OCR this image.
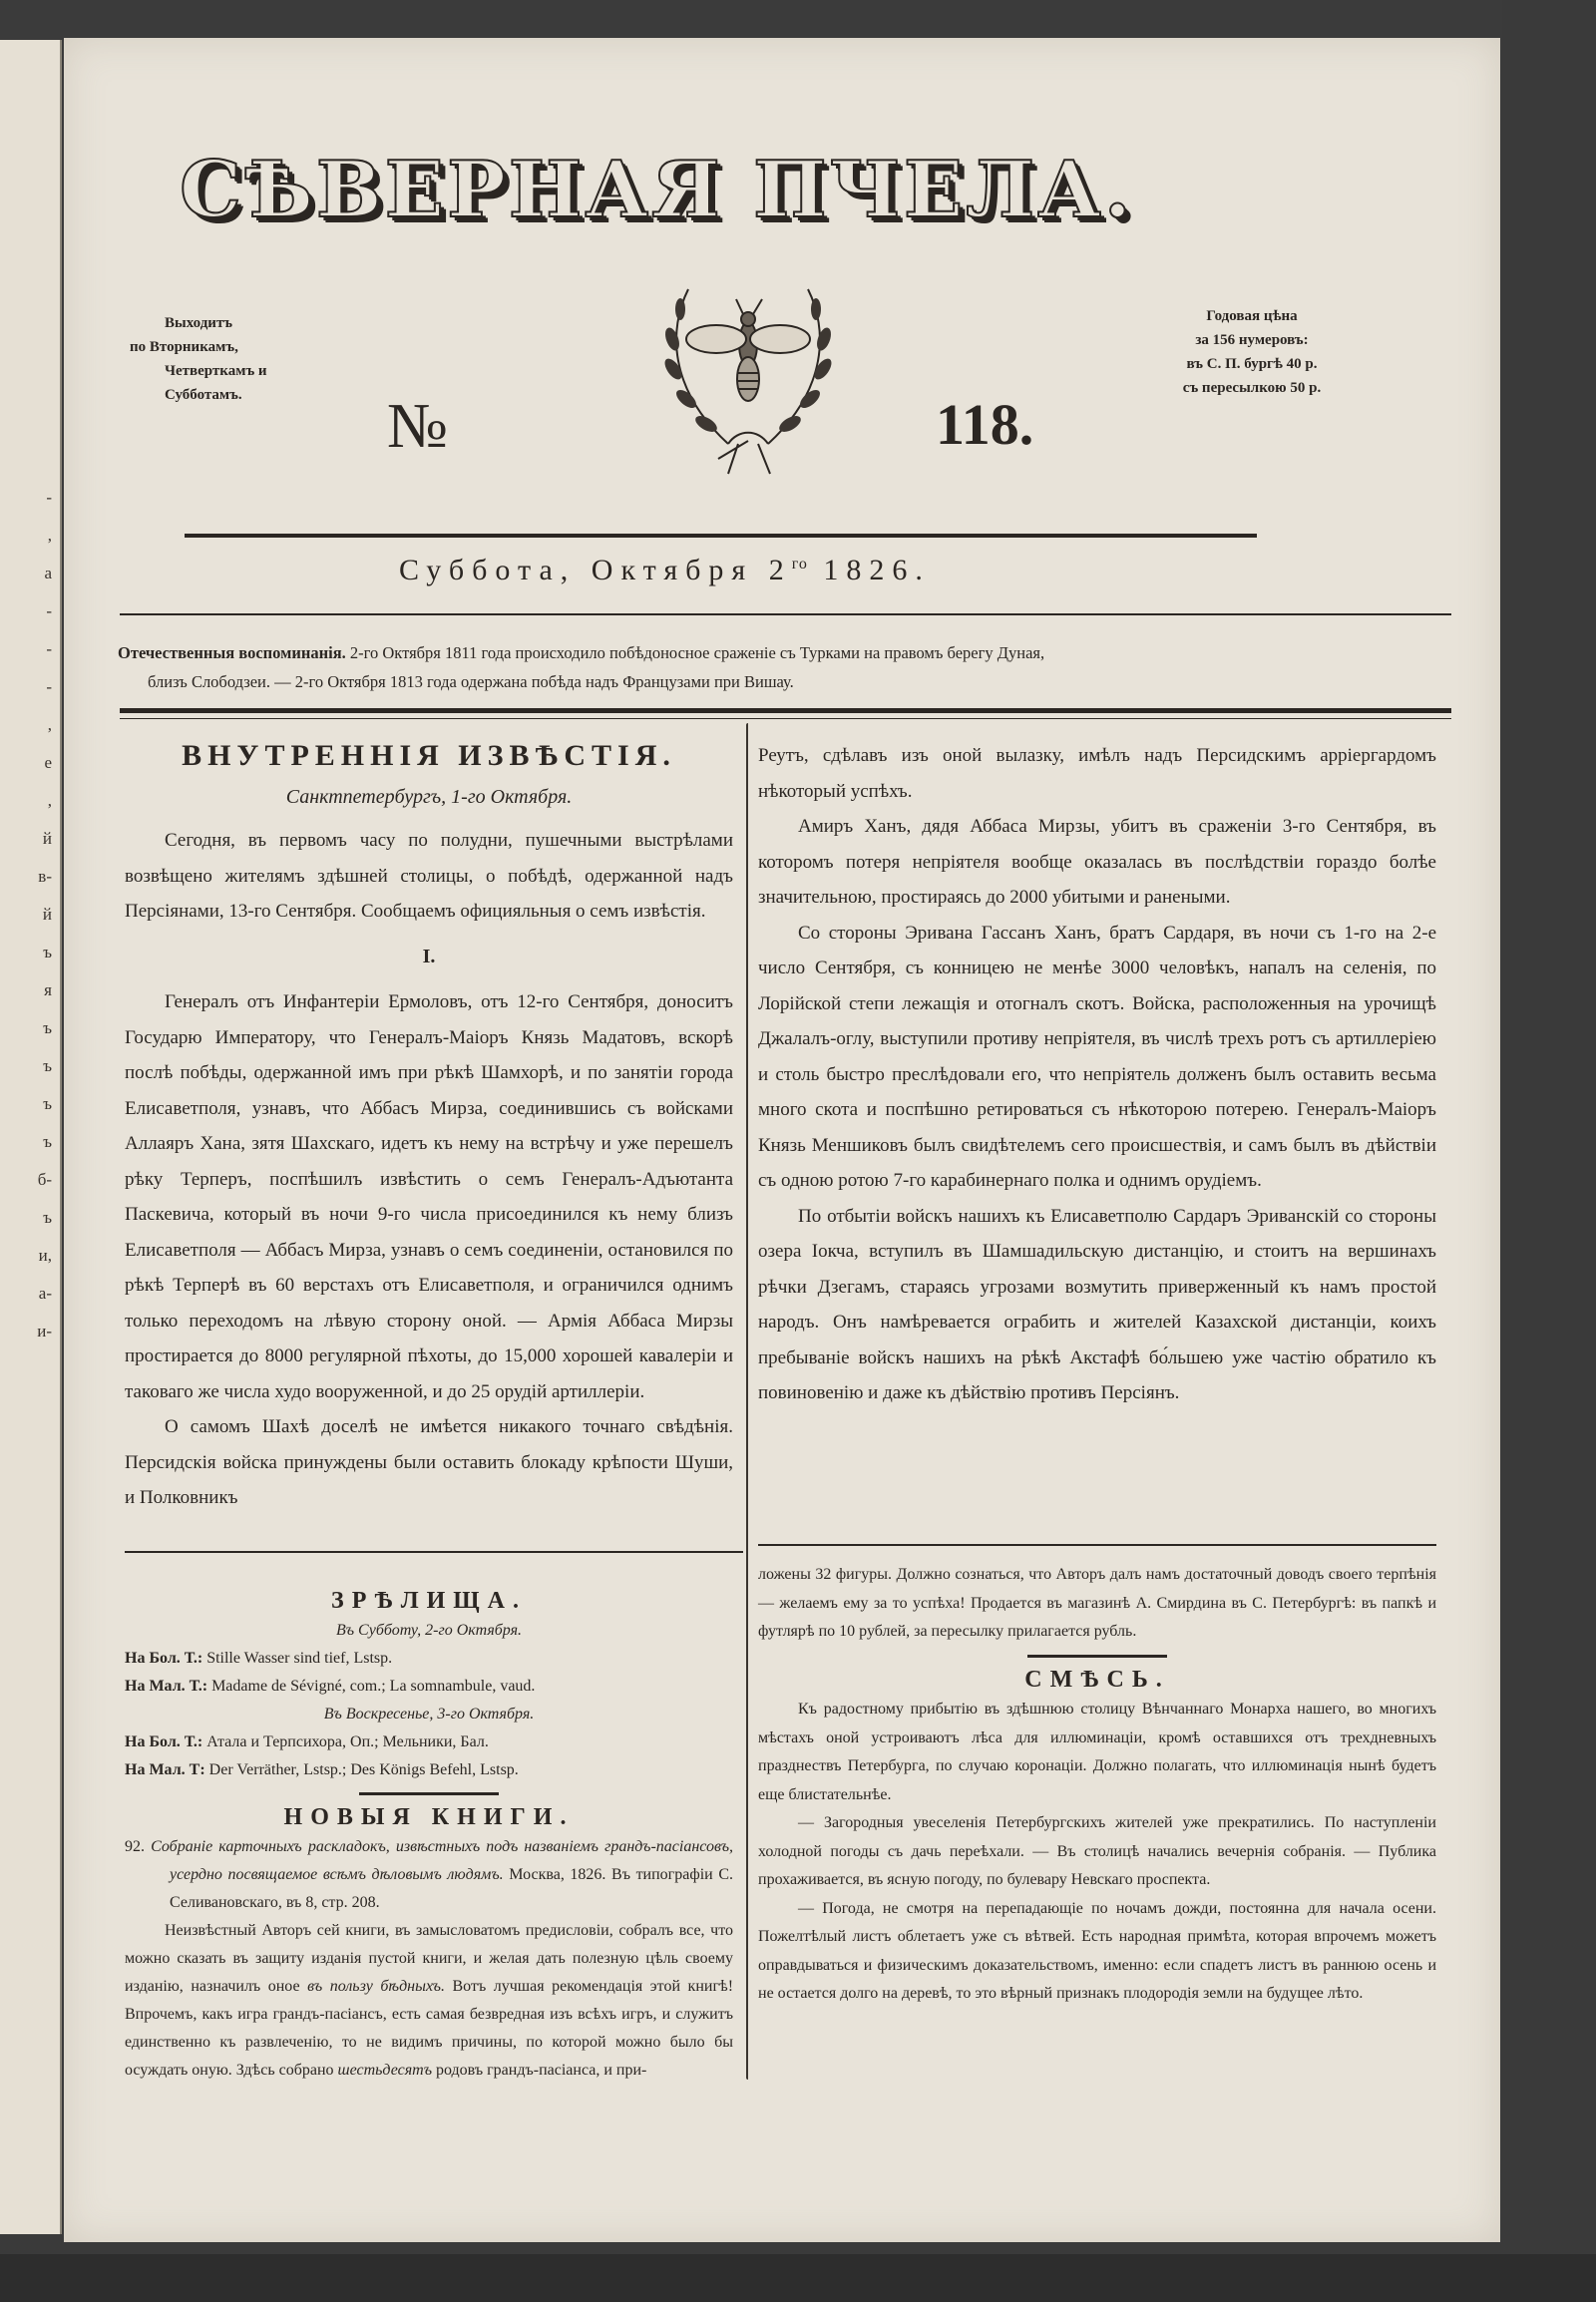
-
,
а
-
-
-
,
е
,
й
в-
й
ъ
я
ъ
ъ
ъ
ъ
б-
ъ
и,
а-
и-
СѢВЕРНАЯ ПЧЕЛА.
Выходитъ
по Вторникамъ,
Четверткамъ и
Субботамъ.	№	118.
Годовая цѣна
за 156 нумеровъ:
въ С. П. бургѣ 40 р.
съ пересылкою 50 р.
Суббота, Октября $2^{го}$ 1826.
Отечественныя воспоминанія. 2-го Октября 1811 года происходило побѣдоносное сраженіе съ Турками на правомъ берегу Дуная,
близъ Слободзеи. — 2-го Октября 1813 года одержана побѣда надъ Французами при Вишау.
ВНУТРЕННІЯ ИЗВѢСТІЯ.
Санктпетербургъ, 1-го Октября.

Сегодня, въ первомъ часу по полудни, пушечными выстрѣлами возвѣщено жителямъ здѣшней столицы, о побѣдѣ, одержанной надъ Персіянами, 13-го Сентября. Сообщаемъ официяльныя о семъ извѣстія.

I.

Генералъ отъ Инфантеріи Ермоловъ, отъ 12-го Сентября, доноситъ Государю Императору, что Генералъ-Маіоръ Князь Мадатовъ, вскорѣ послѣ побѣды, одержанной имъ при рѣкѣ Шамхорѣ, и по занятіи города Елисаветполя, узнавъ, что Аббасъ Мирза, соединившись съ войсками Аллаяръ Хана, зятя Шахскаго, идетъ къ нему на встрѣчу и уже перешелъ рѣку Терперъ, поспѣшилъ извѣстить о семъ Генералъ-Адъютанта Паскевича, который въ ночи 9-го числа присоединился къ нему близъ Елисаветполя — Аббасъ Мирза, узнавъ о семъ соединеніи, остановился по рѣкѣ Терперѣ въ 60 верстахъ отъ Елисаветполя, и ограничился однимъ только переходомъ на лѣвую сторону оной. — Армія Аббаса Мирзы простирается до 8000 регулярной пѣхоты, до 15,000 хорошей кавалеріи и таковаго же числа худо вооруженной, и до 25 орудій артиллеріи.

О самомъ Шахѣ доселѣ не имѣется никакого точнаго свѣдѣнія. Персидскія войска принуждены были оставить блокаду крѣпости Шуши, и Полковникъ

Реутъ, сдѣлавъ изъ оной вылазку, имѣлъ надъ Персидскимъ арріергардомъ нѣкоторый успѣхъ.

Амиръ Ханъ, дядя Аббаса Мирзы, убитъ въ сраженіи 3-го Сентября, въ которомъ потеря непріятеля вообще оказалась въ послѣдствіи гораздо болѣе значительною, простираясь до 2000 убитыми и ранеными.

Со стороны Эривана Гассанъ Ханъ, братъ Сардаря, въ ночи съ 1-го на 2-е число Сентября, съ конницею не менѣе 3000 человѣкъ, напалъ на селенія, по Лорійской степи лежащія и отогналъ скотъ. Войска, расположенныя на урочищѣ Джалалъ-оглу, выступили противу непріятеля, въ числѣ трехъ ротъ съ артиллеріею и столь быстро преслѣдовали его, что непріятель долженъ былъ оставить весьма много скота и поспѣшно ретироваться съ нѣкоторою потерею. Генералъ-Маіоръ Князь Меншиковъ былъ свидѣтелемъ сего происшествія, и самъ былъ въ дѣйствіи съ одною ротою 7-го карабинернаго полка и однимъ орудіемъ.

По отбытіи войскъ нашихъ къ Елисаветполю Сардаръ Эриванскій со стороны озера Іокча, вступилъ въ Шамшадильскую дистанцію, и стоитъ на вершинахъ рѣчки Дзегамъ, стараясь угрозами возмутить приверженный къ намъ простой народъ. Онъ намѣревается ограбить и жителей Казахской дистанціи, коихъ пребываніе войскъ нашихъ на рѣкѣ Акстафѣ бо́льшею уже частію обратило къ повиновенію и даже къ дѣйствію противъ Персіянъ.

ЗРѢЛИЩА.
Въ Субботу, 2-го Октября.
На Бол. Т.: Stille Wasser sind tief, Lstsp.
На Мал. Т.: Madame de Sévigné, com.; La somnambule, vaud.
Въ Воскресенье, 3-го Октября.
На Бол. Т.: Атала и Терпсихора, Оп.; Мельники, Бал.
На Мал. Т: Der Verräther, Lstsp.; Des Königs Befehl, Lstsp.
НОВЫЯ КНИГИ.

92. Собраніе карточныхъ раскладокъ, извѣстныхъ подъ названіемъ грандъ-пасіансовъ, усердно посвящаемое всѣмъ дѣловымъ людямъ. Москва, 1826. Въ типографіи С. Селивановскаго, въ 8, стр. 208.

Неизвѣстный Авторъ сей книги, въ замысловатомъ предисловіи, собралъ все, что можно сказать въ защиту изданія пустой книги, и желая дать полезную цѣль своему изданію, назначилъ оное въ пользу бѣдныхъ. Вотъ лучшая рекомендація этой книгѣ! Впрочемъ, какъ игра грандъ-пасіансъ, есть самая безвредная изъ всѣхъ игръ, и служитъ единственно къ развлеченію, то не видимъ причины, по которой можно было бы осуждать оную. Здѣсь собрано шестьдесятъ родовъ грандъ-пасіанса, и при-

ложены 32 фигуры. Должно сознаться, что Авторъ далъ намъ достаточный доводъ своего терпѣнія — желаемъ ему за то успѣха! Продается въ магазинѣ А. Смирдина въ С. Петербургѣ: въ папкѣ и футлярѣ по 10 рублей, за пересылку прилагается рубль.

СМѢСЬ.

Къ радостному прибытію въ здѣшнюю столицу Вѣнчаннаго Монарха нашего, во многихъ мѣстахъ оной устроиваютъ лѣса для иллюминаціи, кромѣ оставшихся отъ трехдневныхъ празднествъ Петербурга, по случаю коронаціи. Должно полагать, что иллюминація нынѣ будетъ еще блистательнѣе.

— Загородныя увеселенія Петербургскихъ жителей уже прекратились. По наступленіи холодной погоды съ дачь переѣхали. — Въ столицѣ начались вечернія собранія. — Публика прохаживается, въ ясную погоду, по булевару Невскаго проспекта.

— Погода, не смотря на перепадающіе по ночамъ дожди, постоянна для начала осени. Пожелтѣлый листъ облетаетъ уже съ вѣтвей. Есть народная примѣта, которая впрочемъ можетъ оправдываться и физическимъ доказательствомъ, именно: если спадетъ листъ въ раннюю осень и не остается долго на деревѣ, то это вѣрный признакъ плодородія земли на будущее лѣто.
